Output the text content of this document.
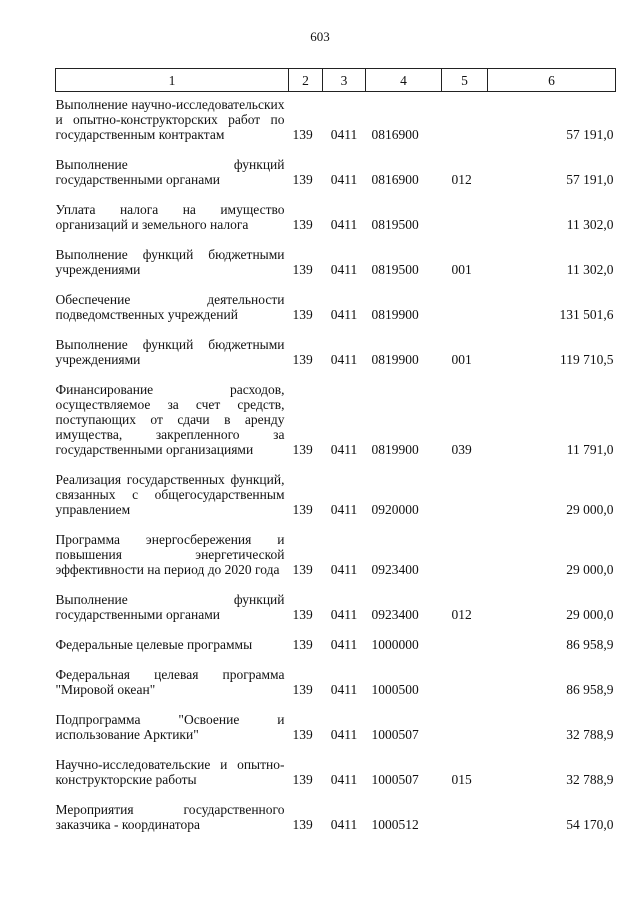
603
1	2	3	4	5	6
Выполнение научно-исследовательских и опытно-конструкторских работ по государственным контрактам	139	0411	0816900		57 191,0
Выполнение функций государственными органами	139	0411	0816900	012	57 191,0
Уплата налога на имущество организаций и земельного налога	139	0411	0819500		11 302,0
Выполнение функций бюджетными учреждениями	139	0411	0819500	001	11 302,0
Обеспечение деятельности подведомственных учреждений	139	0411	0819900		131 501,6
Выполнение функций бюджетными учреждениями	139	0411	0819900	001	119 710,5
Финансирование расходов, осуществляемое за счет средств, поступающих от сдачи в аренду имущества, закрепленного за государственными организациями	139	0411	0819900	039	11 791,0
Реализация государственных функций, связанных с общегосударственным управлением	139	0411	0920000		29 000,0
Программа энергосбережения и повышения энергетической эффективности на период до 2020 года	139	0411	0923400		29 000,0
Выполнение функций государственными органами	139	0411	0923400	012	29 000,0
Федеральные целевые программы	139	0411	1000000		86 958,9
Федеральная целевая программа "Мировой океан"	139	0411	1000500		86 958,9
Подпрограмма "Освоение и использование Арктики"	139	0411	1000507		32 788,9
Научно-исследовательские и опытно-конструкторские работы	139	0411	1000507	015	32 788,9
Мероприятия государственного заказчика - координатора	139	0411	1000512		54 170,0
